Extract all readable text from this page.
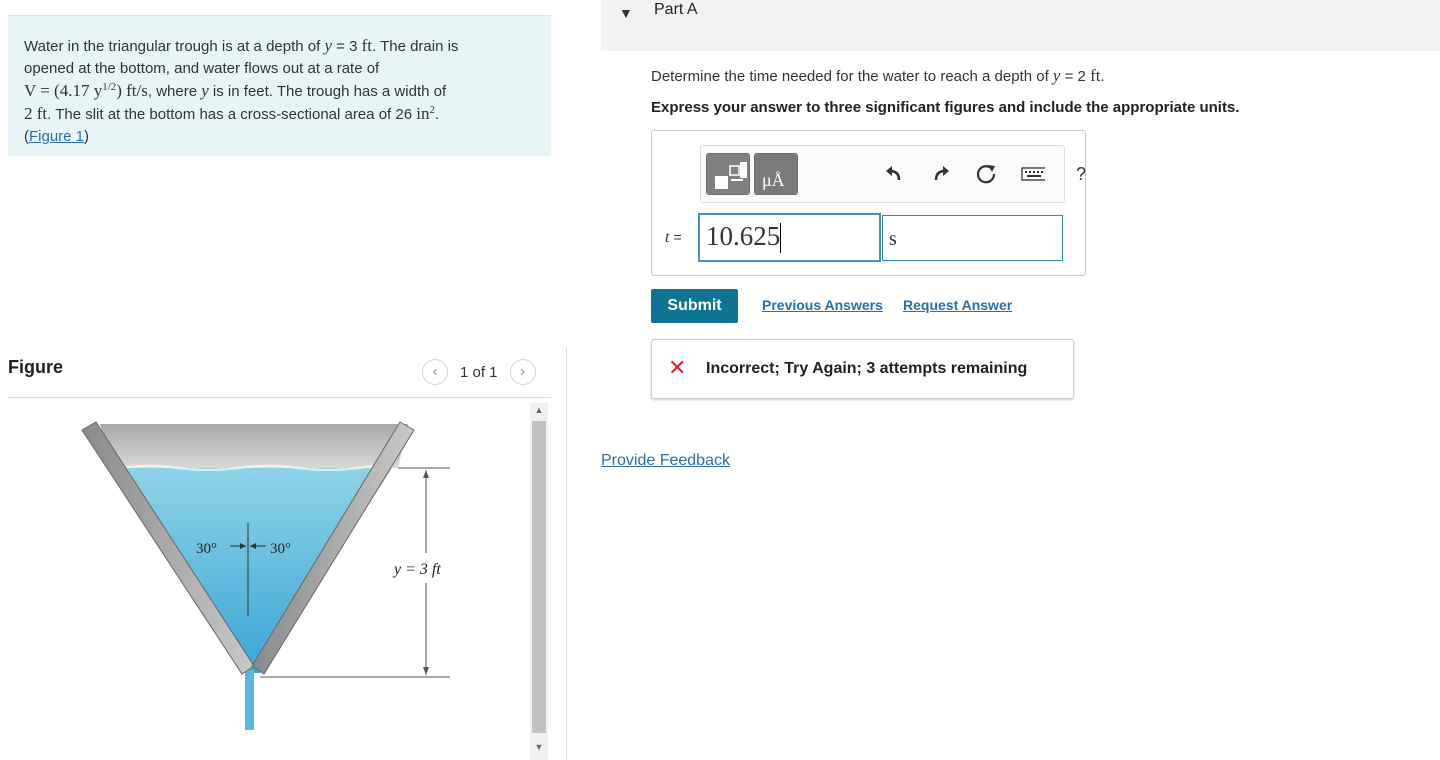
Water in the triangular trough is at a depth of y = 3 ft. The drain is
opened at the bottom, and water flows out at a rate of
V = (4.17 $y^{1/2}$) ft/s, where y is in feet. The trough has a width of
2 ft. The slit at the bottom has a cross-sectional area of 26 $in^2$.
(Figure 1)
Figure	‹ 1 of 1 ›
30°	30°
y = 3 ft
▲
▼
▼ Part A
Determine the time needed for the water to reach a depth of y = 2 ft.
Express your answer to three significant figures and include the appropriate units.
μÅ	?
t = 10.625	s
Submit	Previous Answers Request Answer
✕ Incorrect; Try Again; 3 attempts remaining
Provide Feedback
